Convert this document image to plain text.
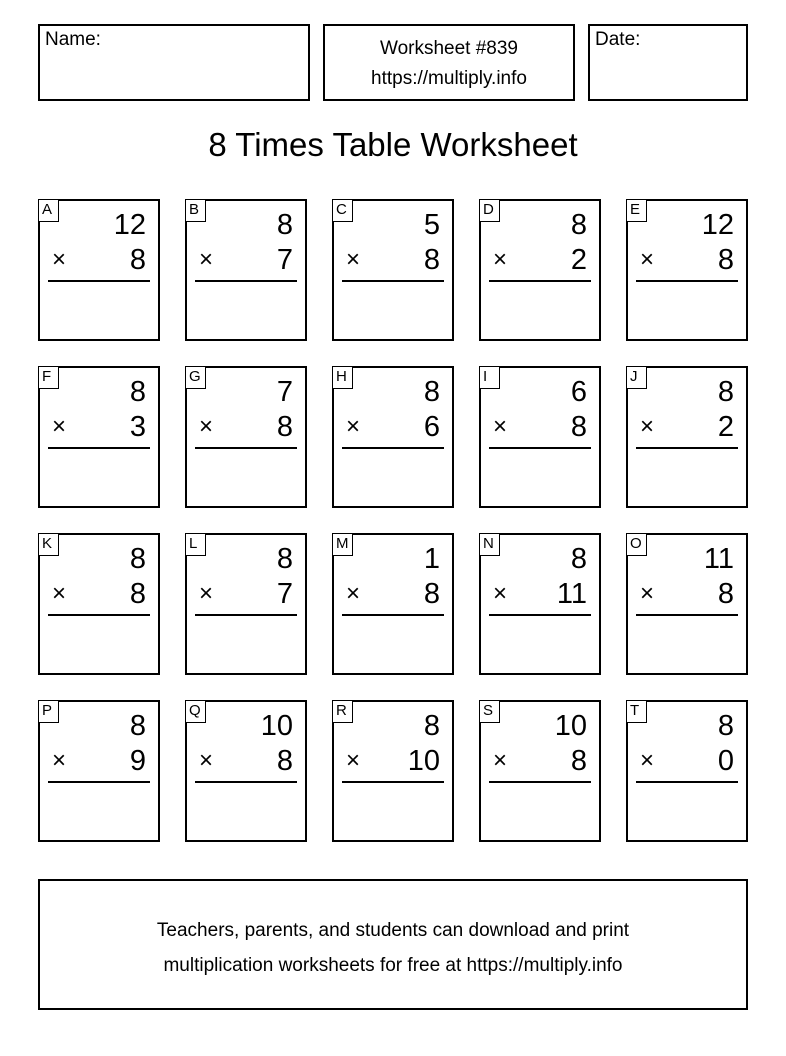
Name:	Worksheet #839
https://multiply.info
Date:
8 Times Table Worksheet
A 12
× 8
B	8
× 7
C	5
× 8
D	8
× 2
E 12
× 8
F	8
× 3
G	7
× 8
H	8
× 6
I	6
× 8
J	8
× 2
K	8
× 8
L	8
× 7
M	1
× 8
N	8
× 11
O 11
× 8
P	8
× 9
Q 10
× 8
R	8
× 10
S 10
× 8
T	8
× 0
Teachers, parents, and students can download and print
multiplication worksheets for free at https://multiply.info
